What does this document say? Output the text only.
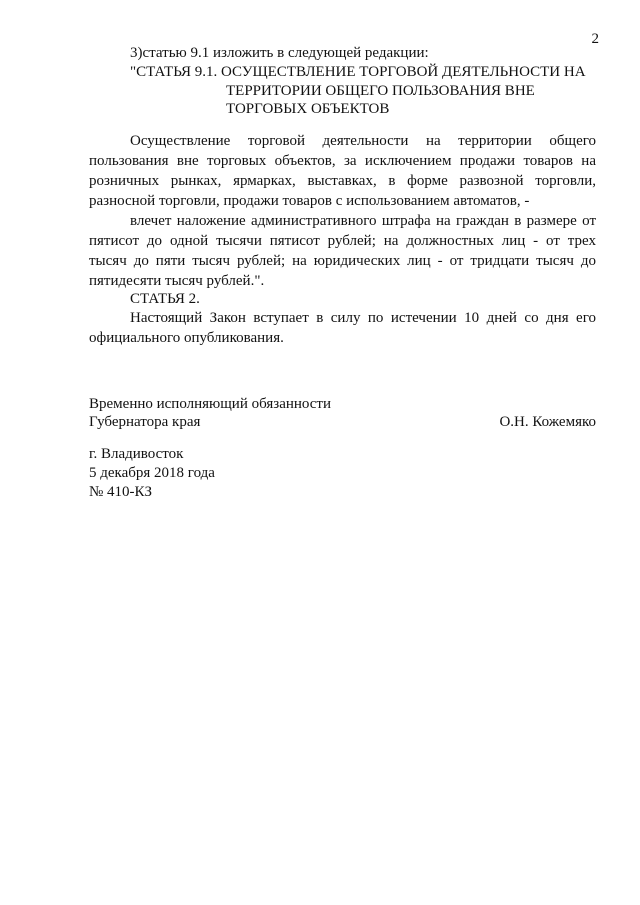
2
3)статью 9.1 изложить в следующей редакции:
"СТАТЬЯ 9.1. ОСУЩЕСТВЛЕНИЕ ТОРГОВОЙ ДЕЯТЕЛЬНОСТИ НА
ТЕРРИТОРИИ ОБЩЕГО ПОЛЬЗОВАНИЯ ВНЕ
ТОРГОВЫХ ОБЪЕКТОВ
Осуществление торговой деятельности на территории общего
пользования вне торговых объектов, за исключением продажи товаров на
розничных рынках, ярмарках, выставках, в форме развозной торговли,
разносной торговли, продажи товаров с использованием автоматов, -
влечет наложение административного штрафа на граждан в размере от
пятисот до одной тысячи пятисот рублей; на должностных лиц - от трех
тысяч до пяти тысяч рублей; на юридических лиц - от тридцати тысяч до
пятидесяти тысяч рублей.".
СТАТЬЯ 2.
Настоящий Закон вступает в силу по истечении 10 дней со дня его
официального опубликования.
Временно исполняющий обязанности
Губернатора края	О.Н. Кожемяко
г. Владивосток
5 декабря 2018 года
№ 410-КЗ
